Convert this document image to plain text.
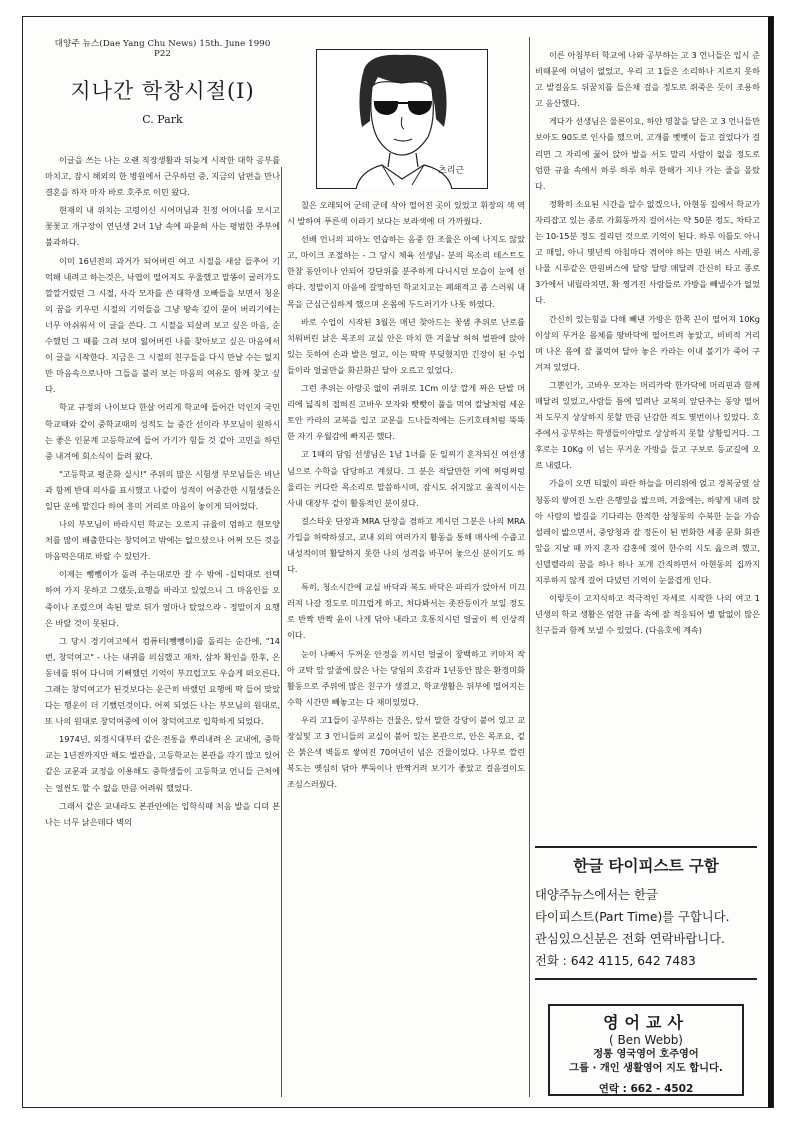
대양주 뉴스(Dae Yang Chu News) 15th. June 1990 P22
지나간 학창시절(I)
C. Park

이글을 쓰는 나는 오랜 직장생활과 뒤늦게 시작한 대학 공부를 마치고, 잠시 해외의 한 병원에서 근무하던 중, 지금의 남편을 만나 결혼을 하자 마자 바로 호주로 이민 왔다.

현재의 내 위치는 고령이신 시어머님과 친정 어머니를 모시고 꽃꽃고 개구장이 연년생 2녀 1남 속에 파묻혀 사는 평범한 주부에 불과하다.

이미 16년전의 과거가 되어버린 여고 시절을 새삼 들추어 기억해 내려고 하는것은, 낙엽이 떨어져도 우울했고 말똥이 굴러가도 깔깔거렸던 그 시절, 사각 모자를 쓴 대학생 오빠들을 보면서 청운의 꿈을 키우던 시절의 기억들을 그냥 땅속 깊이 묻어 버리기에는 너무 아쉬워서 이 글을 쓴다. 그 시절을 되살려 보고 싶은 마음, 순수했던 그 때를 그려 보며 잃어버린 나를 찾아보고 싶은 마음에서 이 글을 시작한다. 지금은 그 시절의 친구들을 다시 만날 수는 없지만 마음속으로나마 그들을 불러 보는 마음의 여유도 함께 찾고 싶다.

학교 규정의 나이보다 한살 어리게 학교에 들어간 덕인지 국민학교때와 같이 중학교때의 성적도 늘 중간 선이라 부모님이 원하시는 좋은 인문계 고등학교에 들어 가기가 힘들 것 같아 고민을 하던 중 내겨에 회소식이 들려 왔다.

"고등학교 평준화 실시!" 주위의 많은 시험생 부모님들은 비난과 함께 반대 의사를 표시했고 나같이 성적이 어중간한 시험생들은 일단 운에 맡긴다 하여 흥미 거리로 마음이 놓이게 되어었다.

나의 부모님이 바라시던 학교는 오로지 규율이 엄하고 현모양처를 많이 배출한다는 창덕여고 밖에는 없으셨으나 어쩌 모든 것을 마음먹은대로 바랄 수 있던가.

이제는 뺑뺑이가 돌려 주는대로만 갈 수 밖에 -십턱대로 선택하여 가지 못하고 그랬듯,요행을 바라고 있었으니 그 마음인들 오죽이나 조렸으며 속된 말로 뒤가 얼마나 탔었으랴 - 정말이지 요행은 바랄 것이 못된다.

그 당시 경기여고에서 컴퓨터(뺑뺑이)를 돌리는 순간에, "14번, 창덕여고" - 나는 내귀를 의심했고 재차, 삼차 확인을 한후, 온동네를 뛰어 다니며 기뻐했던 기억이 부끄럽고도 우습게 떠오른다. 그래는 창덕여고가 된것보다는 운근히 바랬던 요행에 딱 들어 맞았다는 행운이 더 기뻤던것이다. 어찌 되었든 나는 부모님의 원대로, 또 나의 원대로 창덕여중에 이어 창덕여고로 입학하게 되었다.

1974년, 외정시대부터 같은 전통을 뿌리내려 온 교내에, 중학교는 1년전까지만 해도 벌관을, 고등학교는 본관을 각기 많고 있어 같은 교문과 교정을 이용해도 중학생들이 고등학교 언니들 근처에는 얼씬도 할 수 없을 만큼 어려워 했었다.

그래서 같은 교내라도 본관안에는 입학식때 처음 발을 디뎌 본 나는 너무 낡은데다 벽의

츠리근

칠은 오래되어 군데 군데 삭아 떨어진 곳이 있었고 휘장의 색 역시 발하여 푸른색 이라기 보다는 보라색에 더 가까웠다.

선배 언니의 피아노 연습하는 음중 한 조율은 아예 나지도 않았고, 마이크 조절하는 - 그 당시 체육 선생님- 분의 목소리 테스트도 한참 동안이나 안되어 강단위를 분주하게 다니시던 모습이 눈에 선하다. 정말이지 마음에 갈망하던 학교치고는 폐쇄적고 좀 스러워 내 목을 근심근심하게 했으며 온몸에 두드러기가 나돗 하였다.

바로 수업이 시작된 3월은 매년 찾아드는 꽃샘 추위로 난로를 치워버린 낡은 목조의 교실 안은 마치 한 겨울날 허허 벌판에 앉아 있는 듯하여 손과 발은 얼고, 이는 딱딱 부딪혔지만 긴장이 된 수업들이라 얼굴만을 화끈화끈 달아 오르고 있었다.

그런 추위는 아랑곳 없이 귀위로 1Cm 이상 깝게 짜은 단발 머리에 넓직히 접혀진 고바우 모자와 빳빳이 풀을 먹여 칼날처럼 세운 토안 카라의 교복을 입고 교문을 드나들적에는 든키호테처럼 뚝뚝한 자기 우월감에 빠지곤 했다.

고 1때의 담임 선생님은 1남 1녀를 둔 일찌기 혼자되신 여선생님으로 수학을 담당하고 계셨다. 그 분은 작달만한 키에 쩌렁쩌렁 울리는 커다란 목소리로 말씀하시며, 잠시도 쉬지않고 움직이시는 사내 대장부 같이 활동적인 분이셨다.

걸스타웃 단장과 MRA 단장을 겸하고 계시던 그분은 나의 MRA 가입을 허락하셨고, 교내 외의 여러가지 활동을 통해 매사에 수줍고 내성적이며 활달하지 못한 나의 성격을 바꾸어 놓으신 분이기도 하다.

특히, 청소시간에 교실 바닥과 복도 바닥은 파리가 앉아서 미끄러져 나갈 정도로 미끄럽게 하고, 처다봐서는 좃잔등이가 보일 정도로 반짝 반짝 윤이 나게 닦아 내라고 호통치시던 얼굴이 썩 인상적이다.

눈이 나빠서 두꺼운 안경을 끼시던 얼굴이 창백하고 키마저 작아 교탁 앞 앞줄에 앉은 나는 당임의 호감과 1년동안 많은 환경미화 활동으로 주위에 많은 친구가 생겼고, 학교생활은 뒤부에 떨어지는 수학 시간만 빼놓고는 다 재미있었다.

우리 고1들이 공부하는 건물은, 앞서 말한 강당이 붙어 있고 교장실및 고 3 언니들의 교실이 붙어 있는 본관으로, 안은 목조요, 겉은 붉은색 벽돌로 쌓여진 70여년이 넘은 건물이었다. 나무로 깔린 복도는 옛심히 닦아 뿌둑이나 반짝거려 보기가 좋았고 걸음걸이도 조심스러웠다.

이른 아침부터 학교에 나와 공부하는 고 3 언니들은 입시 준비때문에 여념이 없었고, 우리 고 1들은 소리하나 지르지 못하고 발걸음도 뒤꿈치를 들은채 걸을 정도로 쥐죽은 듯이 조용하고 음산했다.

게다가 선생님은 물론이요, 하얀 명찰을 달은 고 3 언니들만 보아도 90도로 인사를 했으며, 고개를 뻣뻣이 들고 걸었다가 걸리면 그 자리에 꿇어 앉아 발을 서도 말리 사람이 없을 정도로 엄한 규율 속에서 하루 하루 하루 한해가 지나 가는 줄을 몰랐다.

정확히 소요된 시간을 알수 없겠으나, 아현동 집에서 학교가 자리잡고 있는 종로 가회동까지 걸어서는 약 50분 정도, 차타고는 10-15분 정도 걸리던 것으로 기억이 된다. 하루 이틀도 아니고 매일, 아니 몇년씩 아침마다 겪어야 하는 만원 버스 사레,콩나물 시루같은 만원버스에 달랑 달랑 매달려 간신히 타고 종로 3가에서 내릴라치면, 확 찡겨진 사람들로 가방을 빼낼수가 없었다.

간신히 있는힘을 다해 빼낸 가방은 한쪽 끈이 떨어져 10Kg 이상의 무거운 몸체를 땅바닥에 떨어트려 놓았고, 비비적 거리며 나온 몸에 잘 풀먹여 달아 놓은 카라는 이내 볼기가 죽어 구겨져 있었다.

그뿐인가, 고바우 모자는 머리카락 한가닥에 머리핀과 함께 매달려 있었고,사람들 틈에 밀려난 교복의 앞단추는 동양 떨어져 도무지 상상하지 못할 만큼 난감한 적도 몇번이나 있었다. 호주에서 공부하는 학생들이야말로 상상하지 못할 상황일거다. 그후로는 10Kg 이 넘는 무거운 가방을 들고 구보로 등교길에 오르 내렸다.

가을이 오면 티없이 파란 하늘을 머리위에 얹고 경복궁옆 삼청동의 쌓여진 노란 은행잎을 밟으며, 겨울에는, 하얗게 내려 앉아 사람의 발길을 기다리는 한적한 삼청동의 수북한 눈을 가슴 설레이 밟으면서, 중앙청과 잘 정돈이 된 번화한 세종 문화 회관앞을 지날 때 까지 혼자 감홍에 젖어 한수의 시도 읊으려 했고, 신델렐라의 꿈을 하나 하나 포개 간직하면서 아현동의 집까지 지루하지 않게 걸어 다녔던 기억이 눈물겹게 인다.

이렇듯이 고지식하고 적극적인 자세로 시작한 나의 여고 1년생의 학교 생활은 엄한 규율 속에 잘 적응되어 별 탈없이 많은 친구들과 함께 보낼 수 있었다. (다음호에 계속)

한글 타이피스트 구함
대양주뉴스에서는 한글
타이피스트(Part Time)를 구합니다.
관심있으신분은 전화 연락바랍니다.
전화 : 642 4115, 642 7483
영어교사
( Ben Webb)
정통 영국영어 호주영어
그룹 · 개인 생활영어 지도 합니다.
연락 : 662 - 4502
